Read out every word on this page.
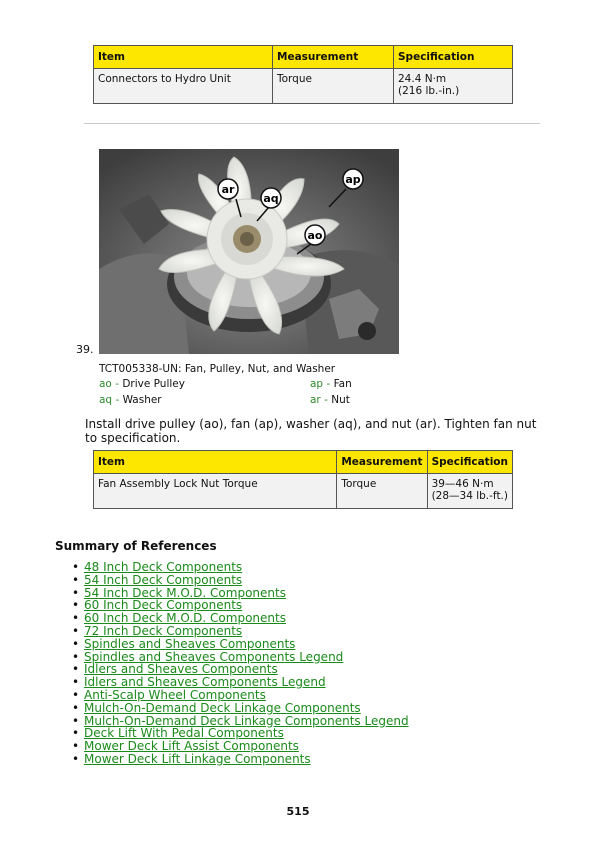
Item	Measurement	Specification
Connectors to Hydro Unit	Torque	24.4 N·m
(216 lb.-in.)
ar
aq
ap
ao
39.
TCT005338-UN: Fan, Pulley, Nut, and Washer
ao - Drive Pulley	ap - Fan
aq - Washer	ar - Nut
Install drive pulley (ao), fan (ap), washer (aq), and nut (ar). Tighten fan nut to specification.
Item	Measurement	Specification
Fan Assembly Lock Nut Torque	Torque	39—46 N·m
(28—34 lb.-ft.)
Summary of References
• 48 Inch Deck Components
• 54 Inch Deck Components
• 54 Inch Deck M.O.D. Components
• 60 Inch Deck Components
• 60 Inch Deck M.O.D. Components
• 72 Inch Deck Components
• Spindles and Sheaves Components
• Spindles and Sheaves Components Legend
• Idlers and Sheaves Components
• Idlers and Sheaves Components Legend
• Anti-Scalp Wheel Components
• Mulch-On-Demand Deck Linkage Components
• Mulch-On-Demand Deck Linkage Components Legend
• Deck Lift With Pedal Components
• Mower Deck Lift Assist Components
• Mower Deck Lift Linkage Components
515
